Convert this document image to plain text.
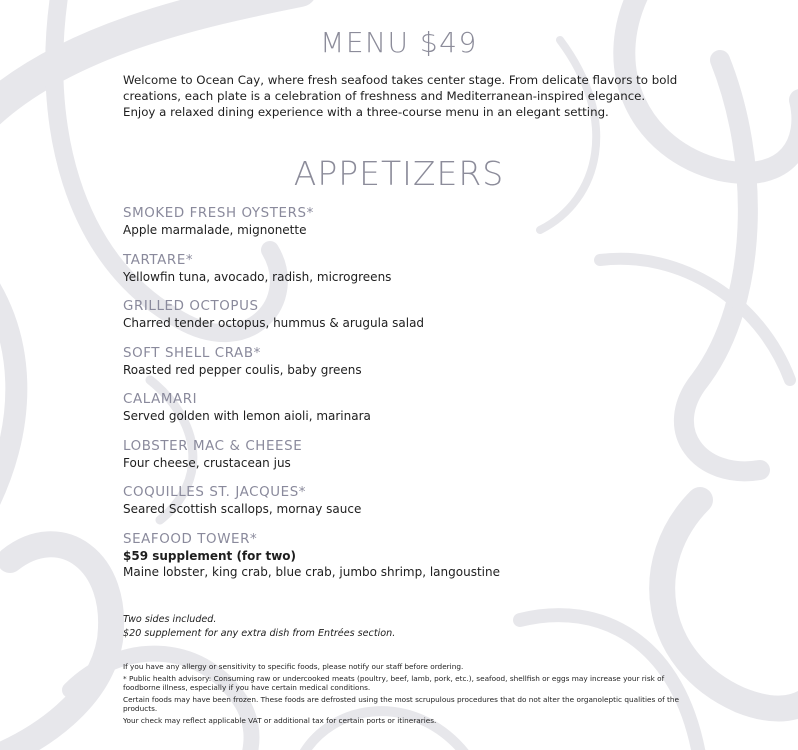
MENU $49

Welcome to Ocean Cay, where fresh seafood takes center stage. From delicate flavors to bold

creations, each plate is a celebration of freshness and Mediterranean-inspired elegance.

Enjoy a relaxed dining experience with a three-course menu in an elegant setting.

APPETIZERS
SMOKED FRESH OYSTERS*
Apple marmalade, mignonette
TARTARE*
Yellowfin tuna, avocado, radish, microgreens
GRILLED OCTOPUS
Charred tender octopus, hummus & arugula salad
SOFT SHELL CRAB*
Roasted red pepper coulis, baby greens
CALAMARI
Served golden with lemon aioli, marinara
LOBSTER MAC & CHEESE
Four cheese, crustacean jus
COQUILLES ST. JACQUES*
Seared Scottish scallops, mornay sauce
SEAFOOD TOWER*
$59 supplement (for two)
Maine lobster, king crab, blue crab, jumbo shrimp, langoustine

Two sides included.

$20 supplement for any extra dish from Entrées section.

If you have any allergy or sensitivity to specific foods, please notify our staff before ordering.

* Public health advisory: Consuming raw or undercooked meats (poultry, beef, lamb, pork, etc.), seafood, shellfish or eggs may increase your risk of foodborne illness, especially if you have certain medical conditions.

Certain foods may have been frozen. These foods are defrosted using the most scrupulous procedures that do not alter the organoleptic qualities of the products.

Your check may reflect applicable VAT or additional tax for certain ports or itineraries.
